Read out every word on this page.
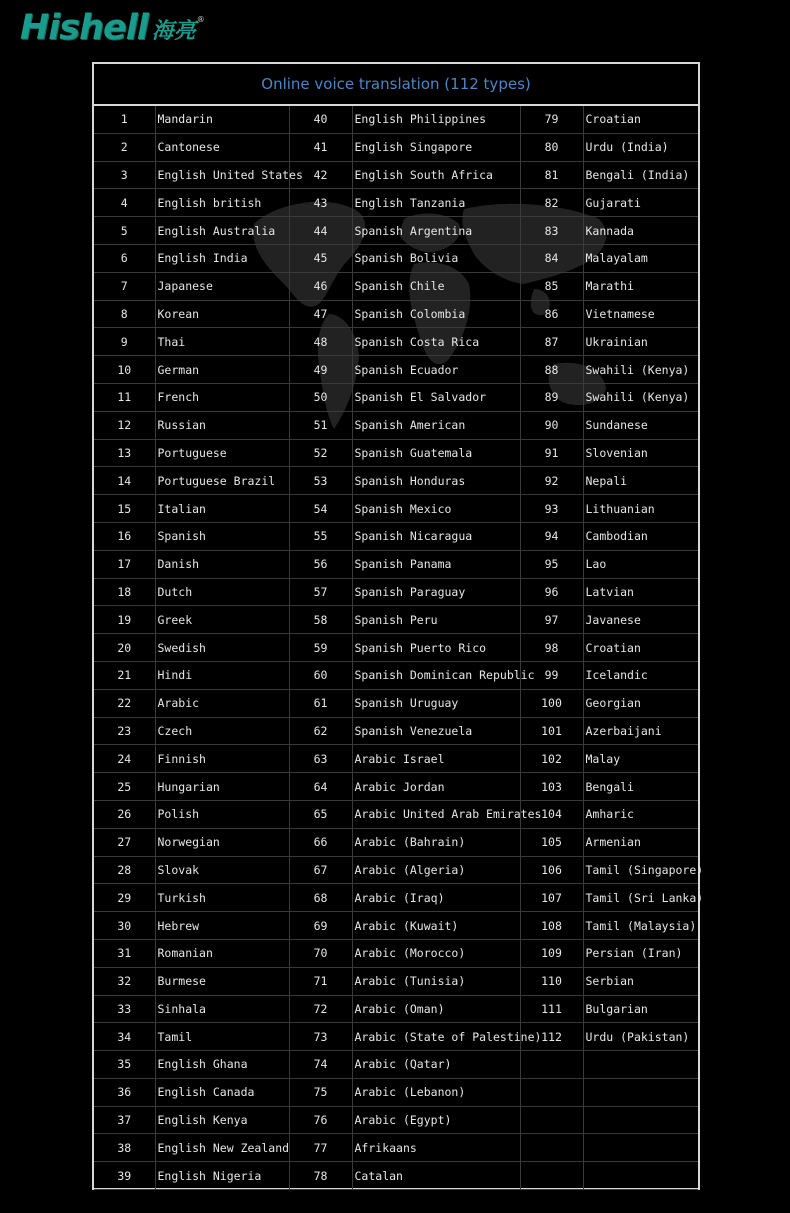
Hishell 海亮 ®
Online voice translation (112 types)
1	Mandarin	40	English Philippines	79	Croatian
2	Cantonese	41	English Singapore	80	Urdu (India)
3	English United States	42	English South Africa	81	Bengali (India)
4	English british	43	English Tanzania	82	Gujarati
5	English Australia	44	Spanish Argentina	83	Kannada
6	English India	45	Spanish Bolivia	84	Malayalam
7	Japanese	46	Spanish Chile	85	Marathi
8	Korean	47	Spanish Colombia	86	Vietnamese
9	Thai	48	Spanish Costa Rica	87	Ukrainian
10	German	49	Spanish Ecuador	88	Swahili (Kenya)
11	French	50	Spanish El Salvador	89	Swahili (Kenya)
12	Russian	51	Spanish American	90	Sundanese
13	Portuguese	52	Spanish Guatemala	91	Slovenian
14	Portuguese Brazil	53	Spanish Honduras	92	Nepali
15	Italian	54	Spanish Mexico	93	Lithuanian
16	Spanish	55	Spanish Nicaragua	94	Cambodian
17	Danish	56	Spanish Panama	95	Lao
18	Dutch	57	Spanish Paraguay	96	Latvian
19	Greek	58	Spanish Peru	97	Javanese
20	Swedish	59	Spanish Puerto Rico	98	Croatian
21	Hindi	60	Spanish Dominican Republic	99	Icelandic
22	Arabic	61	Spanish Uruguay	100	Georgian
23	Czech	62	Spanish Venezuela	101	Azerbaijani
24	Finnish	63	Arabic Israel	102	Malay
25	Hungarian	64	Arabic Jordan	103	Bengali
26	Polish	65	Arabic United Arab Emirates	104	Amharic
27	Norwegian	66	Arabic (Bahrain)	105	Armenian
28	Slovak	67	Arabic (Algeria)	106	Tamil (Singapore)
29	Turkish	68	Arabic (Iraq)	107	Tamil (Sri Lanka)
30	Hebrew	69	Arabic (Kuwait)	108	Tamil (Malaysia)
31	Romanian	70	Arabic (Morocco)	109	Persian (Iran)
32	Burmese	71	Arabic (Tunisia)	110	Serbian
33	Sinhala	72	Arabic (Oman)	111	Bulgarian
34	Tamil	73	Arabic (State of Palestine)	112	Urdu (Pakistan)
35	English Ghana	74	Arabic (Qatar)		
36	English Canada	75	Arabic (Lebanon)		
37	English Kenya	76	Arabic (Egypt)		
38	English New Zealand	77	Afrikaans		
39	English Nigeria	78	Catalan		
